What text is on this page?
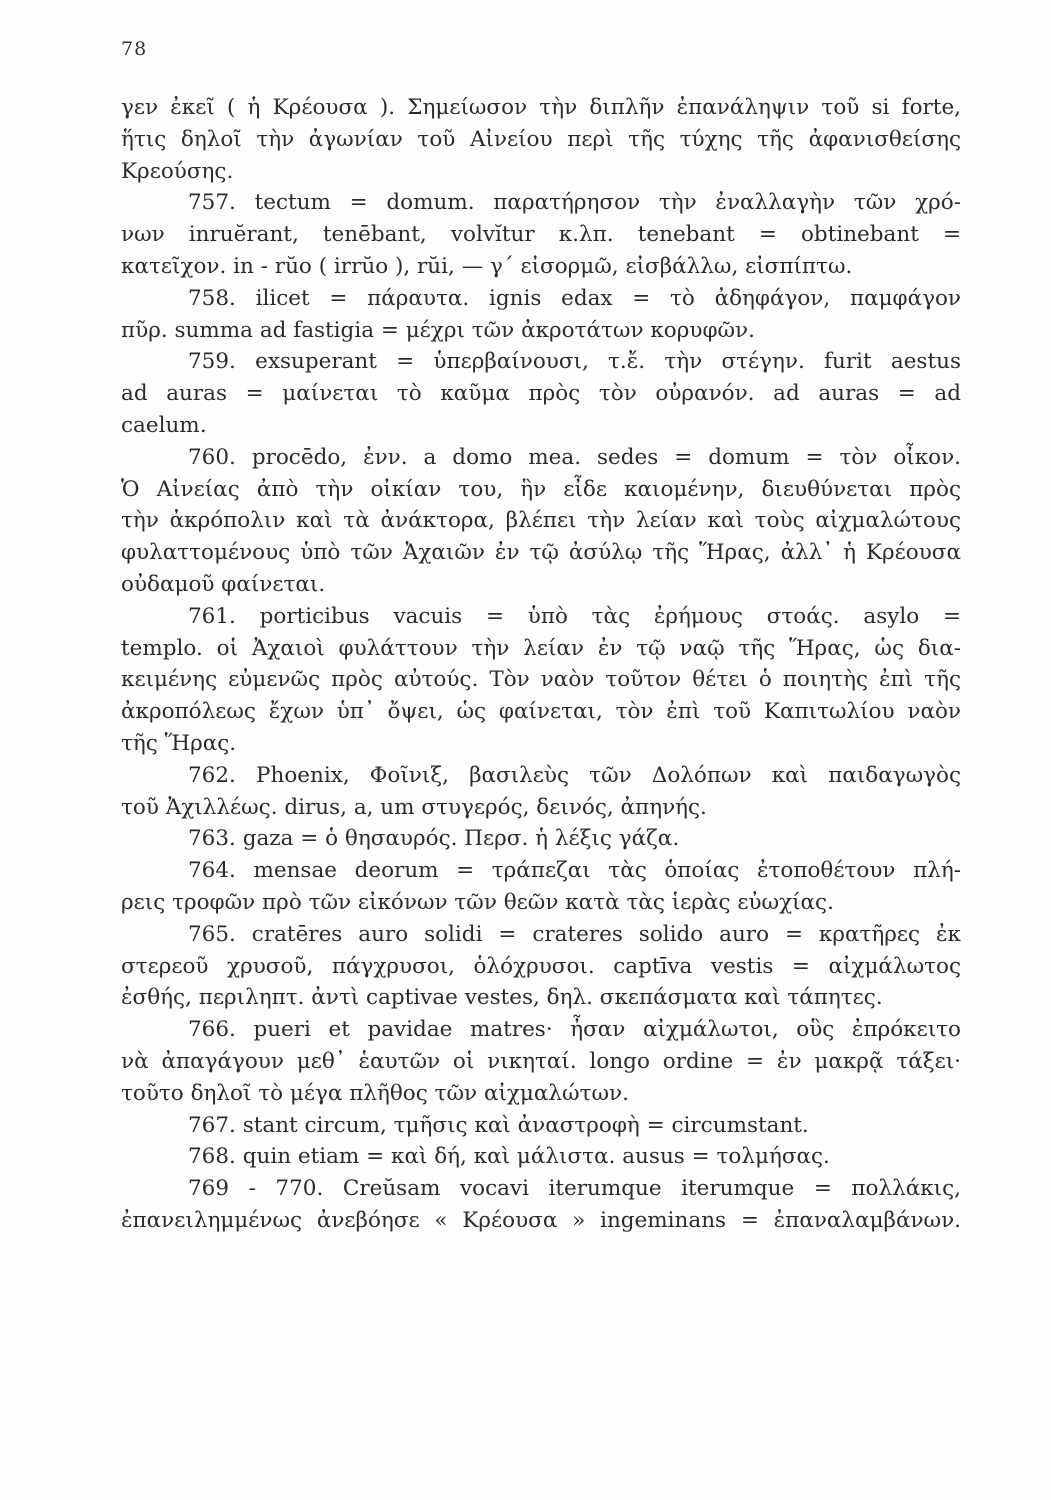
78
γεν ἐκεῖ ( ἡ Κρέουσα ). Σημείωσον τὴν διπλῆν ἐπανάληψιν τοῦ si forte,
ἥτις δηλοῖ τὴν ἀγωνίαν τοῦ Αἰνείου περὶ τῆς τύχης τῆς ἀφανισθείσης
Κρεούσης.
757. tectum = domum. παρατήρησον τὴν ἐναλλαγὴν τῶν χρό-
νων inruĕrant, tenēbant, volvĭtur κ.λπ. tenebant = obtinebant =
κατεῖχον. in - rŭo ( irrŭo ), rŭi, — γ΄ εἰσορμῶ, εἰσβάλλω, εἰσπίπτω.
758. ilicet = πάραυτα. ignis edax = τὸ ἀδηφάγον, παμφάγον
πῦρ. summa ad fastigia = μέχρι τῶν ἀκροτάτων κορυφῶν.
759. exsuperant = ὑπερβαίνουσι, τ.ἔ. τὴν στέγην. furit aestus
ad auras = μαίνεται τὸ καῦμα πρὸς τὸν οὐρανόν. ad auras = ad
caelum.
760. procēdo, ἐνν. a domo mea. sedes = domum = τὸν οἶκον.
Ὁ Αἰνείας ἀπὸ τὴν οἰκίαν του, ἣν εἶδε καιομένην, διευθύνεται πρὸς
τὴν ἀκρόπολιν καὶ τὰ ἀνάκτορα, βλέπει τὴν λείαν καὶ τοὺς αἰχμαλώτους
φυλαττομένους ὑπὸ τῶν Ἀχαιῶν ἐν τῷ ἀσύλῳ τῆς Ἥρας, ἀλλ᾽ ἡ Κρέουσα
οὐδαμοῦ φαίνεται.
761. porticibus vacuis = ὑπὸ τὰς ἐρήμους στοάς. asylo =
templo. οἱ Ἀχαιοὶ φυλάττουν τὴν λείαν ἐν τῷ ναῷ τῆς Ἥρας, ὡς δια-
κειμένης εὐμενῶς πρὸς αὐτούς. Τὸν ναὸν τοῦτον θέτει ὁ ποιητὴς ἐπὶ τῆς
ἀκροπόλεως ἔχων ὑπ᾽ ὄψει, ὡς φαίνεται, τὸν ἐπὶ τοῦ Καπιτωλίου ναὸν
τῆς Ἥρας.
762. Phoenix, Φοῖνιξ, βασιλεὺς τῶν Δολόπων καὶ παιδαγωγὸς
τοῦ Ἀχιλλέως. dirus, a, um στυγερός, δεινός, ἀπηνής.
763. gaza = ὁ θησαυρός. Περσ. ἡ λέξις γάζα.
764. mensae deorum = τράπεζαι τὰς ὁποίας ἐτοποθέτουν πλή-
ρεις τροφῶν πρὸ τῶν εἰκόνων τῶν θεῶν κατὰ τὰς ἱερὰς εὐωχίας.
765. cratēres auro solidi = crateres solido auro = κρατῆρες ἐκ
στερεοῦ χρυσοῦ, πάγχρυσοι, ὁλόχρυσοι. captīva vestis = αἰχμάλωτος
ἐσθής, περιληπτ. ἀντὶ captivae vestes, δηλ. σκεπάσματα καὶ τάπητες.
766. pueri et pavidae matres· ἦσαν αἰχμάλωτοι, οὓς ἐπρόκειτο
νὰ ἀπαγάγουν μεθ᾽ ἑαυτῶν οἱ νικηταί. longo ordine = ἐν μακρᾷ τάξει·
τοῦτο δηλοῖ τὸ μέγα πλῆθος τῶν αἰχμαλώτων.
767. stant circum, τμῆσις καὶ ἀναστροφὴ = circumstant.
768. quin etiam = καὶ δή, καὶ μάλιστα. ausus = τολμήσας.
769 - 770. Creŭsam vocavi iterumque iterumque = πολλάκις,
ἐπανειλημμένως ἀνεβόησε « Κρέουσα » ingeminans = ἐπαναλαμβάνων.
